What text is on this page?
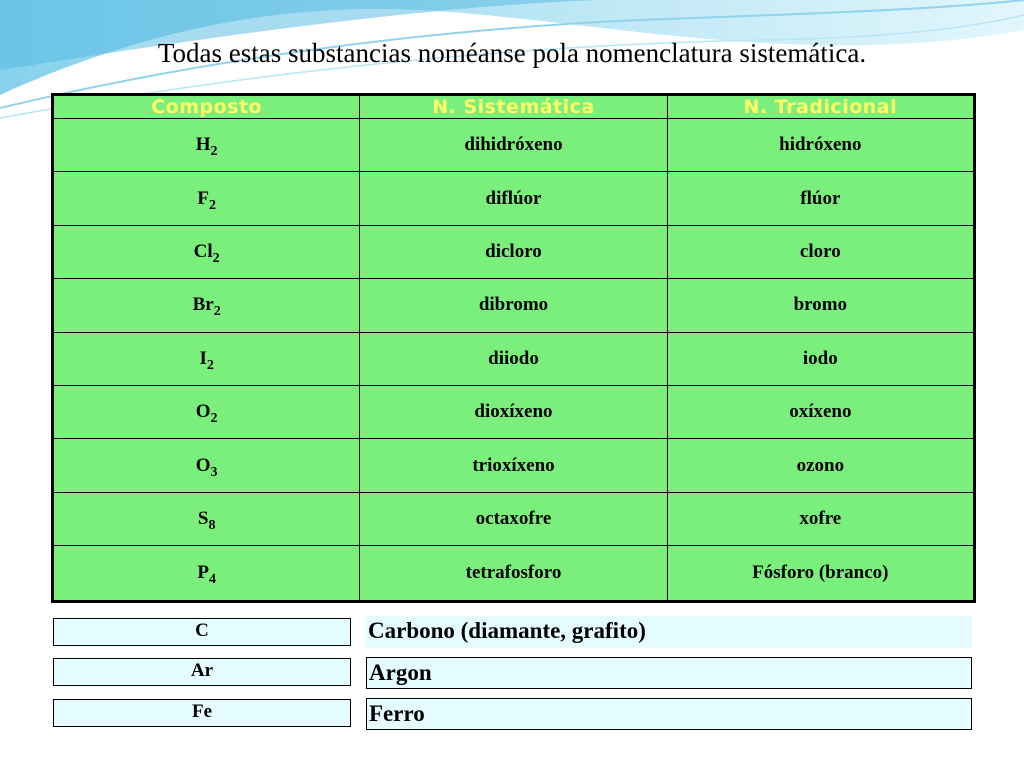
Todas estas substancias noméanse pola nomenclatura sistemática.
Composto	N. Sistemática	N. Tradicional
$H_2$	dihidróxeno	hidróxeno
$F_2$	diflúor	flúor
$Cl_2$	dicloro	cloro
$Br_2$	dibromo	bromo
$I_2$	diiodo	iodo
$O_2$	dioxíxeno	oxíxeno
$O_3$	trioxíxeno	ozono
$S_8$	octaxofre	xofre
$P_4$	tetrafosforo	Fósforo (branco)
C	Carbono (diamante, grafito)
Ar	Argon
Fe	Ferro
